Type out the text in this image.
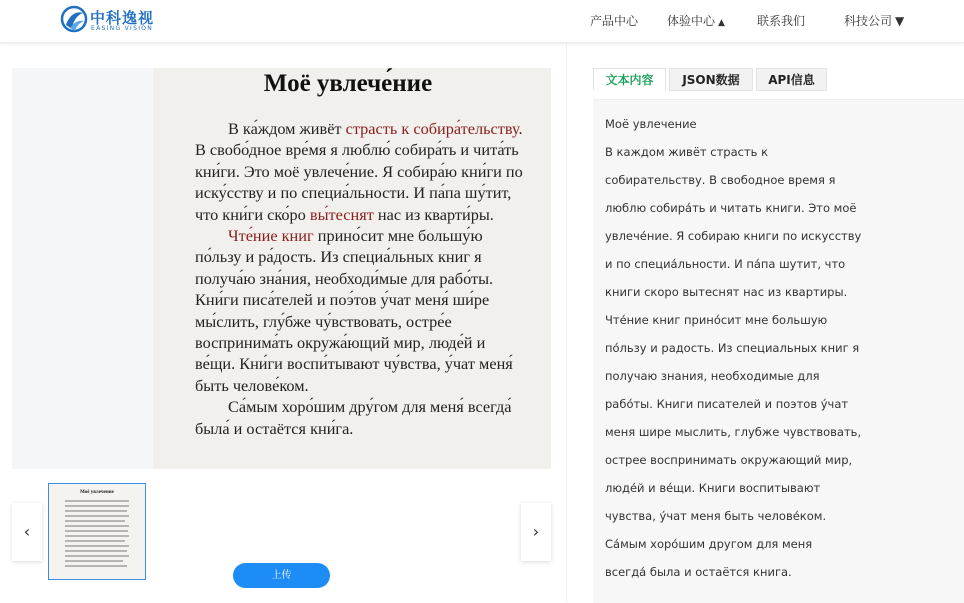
中科逸视
EASING VISION
产品中心 体验中心 ▲	联系我们	科技公司 ▼
Моё увлече́ние

В ка́ждом живёт страсть к собира́тельству. В свобо́дное вре́мя я люблю́ собира́ть и чита́ть кни́ги. Это моё увлече́ние. Я собира́ю кни́ги по иску́сству и по специа́льности. И па́па шу́тит, что кни́ги ско́ро вы́теснят нас из кварти́ры.

Чте́ние книг прино́сит мне большу́ю по́льзу и ра́дость. Из специа́льных книг я получа́ю зна́ния, необходи́мые для рабо́ты. Кни́ги писа́телей и поэ́тов у́чат меня́ ши́ре мы́слить, глу́бже чу́вствовать, остре́е воспринима́ть окружа́ющий мир, люде́й и ве́щи. Кни́ги воспи́тывают чу́вства, у́чат меня́ быть челове́ком.

Са́мым хоро́шим дру́гом для меня́ всегда́ была́ и остаётся кни́га.

‹
Моё увлечение
›
上传
文本内容	JSON数据	API信息
Моё увлечение
В каждом живёт страсть к
собирательству. В свободное время я
люблю собира́ть и читать книги. Это моё
увлече́ние. Я собираю книги по искусству
и по специа́льности. И па́па шутит, что
книги скоро вытеснят нас из квартиры.
Чте́ние книг прино́сит мне большую
по́льзу и радость. Из специальных книг я
получаю знания, необходимые для
рабо́ты. Книги писателей и поэтов у́чат
меня шире мыслить, глубже чувствовать,
острее воспринимать окружающий мир,
люде́й и ве́щи. Книги воспитывают
чувства, у́чат меня быть челове́ком.
Са́мым хоро́шим другом для меня
всегда́ была и остаётся книга.
